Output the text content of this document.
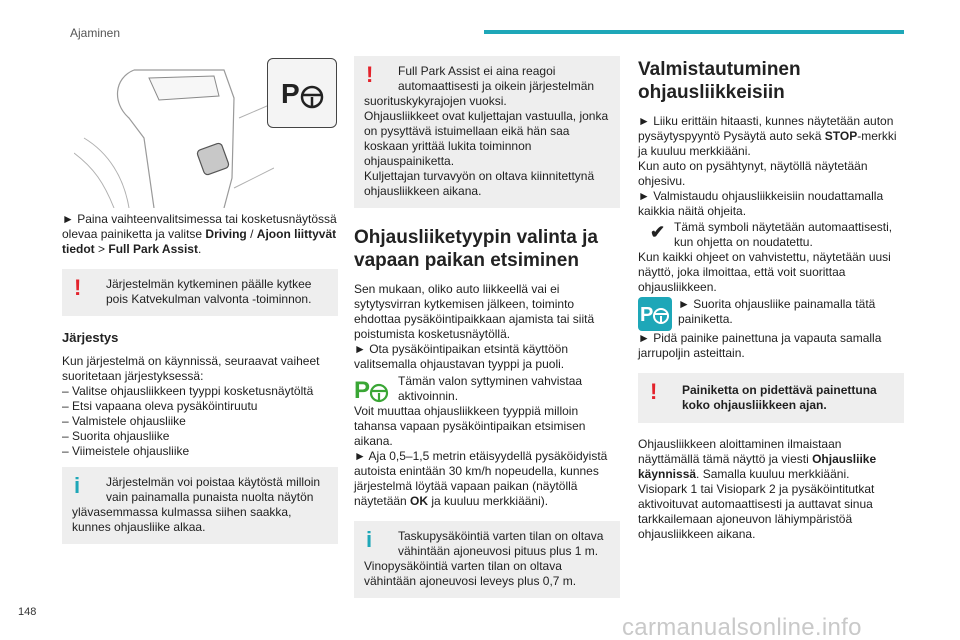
Ajaminen
P

► Paina vaihteenvalitsimessa tai kosketusnäytössä olevaa painiketta ja valitse Driving / Ajoon liittyvät tiedot > Full Park Assist.

!	Järjestelmän kytkeminen päälle kytkee

pois Katvekulman valvonta -toiminnon.

Järjestys

Kun järjestelmä on käynnissä, seuraavat vaiheet suoritetaan järjestyksessä:

– Valitse ohjausliikkeen tyyppi kosketusnäytöltä

– Etsi vapaana oleva pysäköintiruutu

– Valmistele ohjausliike

– Suorita ohjausliike

– Viimeistele ohjausliike

i	Järjestelmän voi poistaa käytöstä milloin

vain painamalla punaista nuolta näytön

ylävasemmassa kulmassa siihen saakka, kunnes ohjausliike alkaa.

!	Full Park Assist ei aina reagoi

automaattisesti ja oikein järjestelmän

suorituskykyrajojen vuoksi.

Ohjausliikkeet ovat kuljettajan vastuulla, jonka on pysyttävä istuimellaan eikä hän saa koskaan yrittää lukita toiminnon ohjauspainiketta.

Kuljettajan turvavyön on oltava kiinnitettynä ohjausliikkeen aikana.

Ohjausliiketyypin valinta ja vapaan paikan etsiminen

Sen mukaan, oliko auto liikkeellä vai ei sytytysvirran kytkemisen jälkeen, toiminto ehdottaa pysäköintipaikkaan ajamista tai siitä poistumista kosketusnäytöllä.

► Ota pysäköintipaikan etsintä käyttöön valitsemalla ohjaustavan tyyppi ja puoli.

P	Tämän valon syttyminen vahvistaa

aktivoinnin.

Voit muuttaa ohjausliikkeen tyyppiä milloin tahansa vapaan pysäköintipaikan etsimisen aikana.

► Aja 0,5–1,5 metrin etäisyydellä pysäköidyistä autoista enintään 30 km/h nopeudella, kunnes järjestelmä löytää vapaan paikan (näytöllä näytetään OK ja kuuluu merkkiääni).

i	Taskupysäköintiä varten tilan on oltava

vähintään ajoneuvosi pituus plus 1 m.

Vinopysäköintiä varten tilan on oltava vähintään ajoneuvosi leveys plus 0,7 m.

Valmistautuminen ohjausliikkeisiin

► Liiku erittäin hitaasti, kunnes näytetään auton pysäytyspyyntö Pysäytä auto sekä STOP-merkki ja kuuluu merkkiääni.

Kun auto on pysähtynyt, näytöllä näytetään ohjesivu.

► Valmistaudu ohjausliikkeisiin noudattamalla kaikkia näitä ohjeita.

✔ Tämä symboli näytetään automaattisesti,

kun ohjetta on noudatettu.

Kun kaikki ohjeet on vahvistettu, näytetään uusi näyttö, joka ilmoittaa, että voit suorittaa ohjausliikkeen.

P ► Suorita ohjausliike painamalla tätä

painiketta.

► Pidä painike painettuna ja vapauta samalla jarrupoljin asteittain.

!	Painiketta on pidettävä painettuna

koko ohjausliikkeen ajan.

Ohjausliikkeen aloittaminen ilmaistaan näyttämällä tämä näyttö ja viesti Ohjausliike käynnissä. Samalla kuuluu merkkiääni.

Visiopark 1 tai Visiopark 2 ja pysäköintitutkat aktivoituvat automaattisesti ja auttavat sinua tarkkailemaan ajoneuvon lähiympäristöä ohjausliikkeen aikana.

148
carmanualsonline.info
